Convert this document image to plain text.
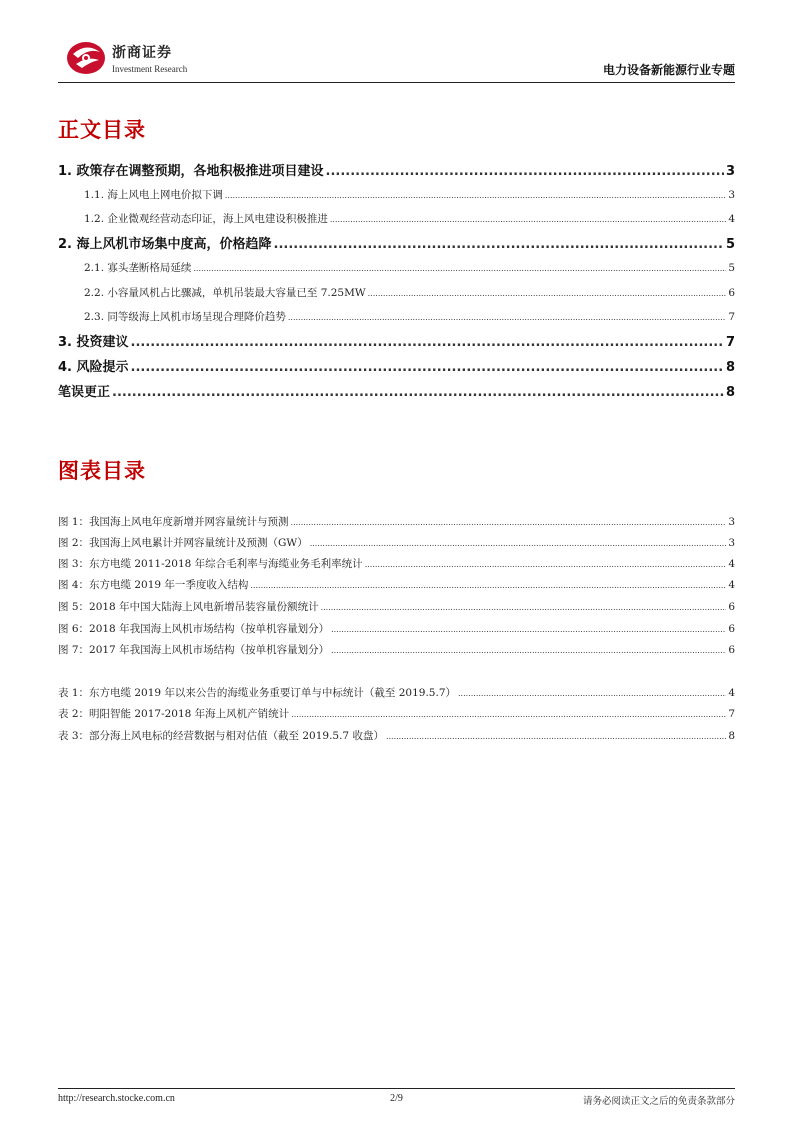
浙商证券
Investment Research	电力设备新能源行业专题
正文目录
1. 政策存在调整预期，各地积极推进项目建设 .....	3
1.1. 海上风电上网电价拟下调 .....	3
1.2. 企业微观经营动态印证，海上风电建设积极推进 .....	4
2. 海上风机市场集中度高，价格趋降 .....	5
2.1. 寡头垄断格局延续 .....	5
2.2. 小容量风机占比骤减，单机吊装最大容量已至 7.25MW .....	6
2.3. 同等级海上风机市场呈现合理降价趋势 .....	7
3. 投资建议 .....	7
4. 风险提示 .....	8
笔误更正 .....	8
图表目录
图 1：我国海上风电年度新增并网容量统计与预测 .....	3
图 2：我国海上风电累计并网容量统计及预测（GW） .....	3
图 3：东方电缆 2011-2018 年综合毛利率与海缆业务毛利率统计 .....	4
图 4：东方电缆 2019 年一季度收入结构 .....	4
图 5：2018 年中国大陆海上风电新增吊装容量份额统计 .....	6
图 6：2018 年我国海上风机市场结构（按单机容量划分） .....	6
图 7：2017 年我国海上风机市场结构（按单机容量划分） .....	6
表 1：东方电缆 2019 年以来公告的海缆业务重要订单与中标统计（截至 2019.5.7） .....	4
表 2：明阳智能 2017-2018 年海上风机产销统计 .....	7
表 3：部分海上风电标的经营数据与相对估值（截至 2019.5.7 收盘） .....	8
http://research.stocke.com.cn	2/9	请务必阅读正文之后的免责条款部分
